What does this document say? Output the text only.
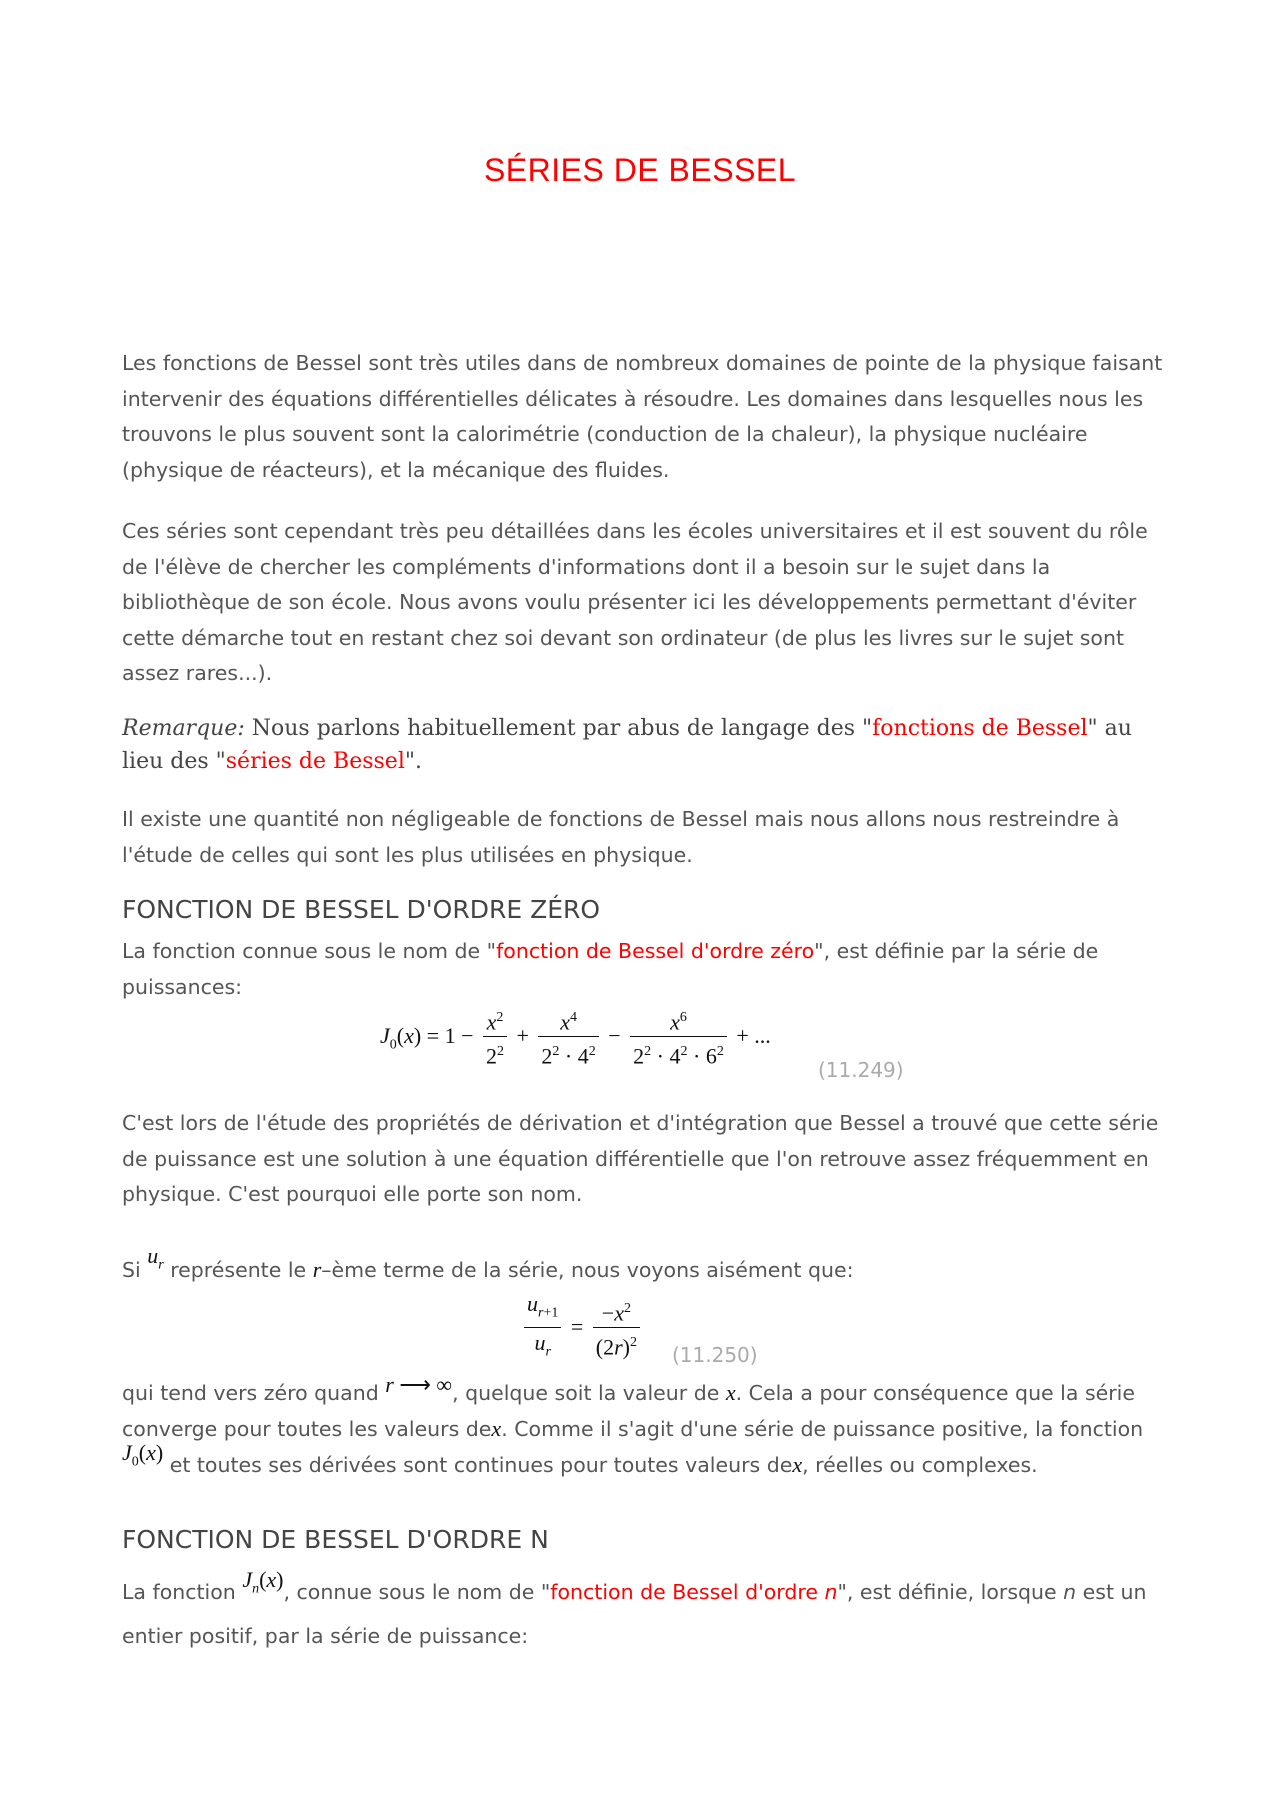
SÉRIES DE BESSEL

Les fonctions de Bessel sont très utiles dans de nombreux domaines de pointe de la physique faisant intervenir des équations différentielles délicates à résoudre. Les domaines dans lesquelles nous les trouvons le plus souvent sont la calorimétrie (conduction de la chaleur), la physique nucléaire (physique de réacteurs), et la mécanique des fluides.

Ces séries sont cependant très peu détaillées dans les écoles universitaires et il est souvent du rôle de l'élève de chercher les compléments d'informations dont il a besoin sur le sujet dans la bibliothèque de son école. Nous avons voulu présenter ici les développements permettant d'éviter cette démarche tout en restant chez soi devant son ordinateur (de plus les livres sur le sujet sont assez rares...).

Remarque: Nous parlons habituellement par abus de langage des "fonctions de Bessel" au lieu des "séries de Bessel".

Il existe une quantité non négligeable de fonctions de Bessel mais nous allons nous restreindre à l'étude de celles qui sont les plus utilisées en physique.

FONCTION DE BESSEL D'ORDRE ZÉRO

La fonction connue sous le nom de "fonction de Bessel d'ordre zéro", est définie par la série de puissances:

$J_0(x) = 1 - \frac{x^2}{2^2} + \frac{x^4}{2^2 \cdot 4^2} - \frac{x^6}{2^2 \cdot 4^2 \cdot 6^2}$ + ...
(11.249)

C'est lors de l'étude des propriétés de dérivation et d'intégration que Bessel a trouvé que cette série de puissance est une solution à une équation différentielle que l'on retrouve assez fréquemment en physique. C'est pourquoi elle porte son nom.

Si $u_r$ représente le r–ème terme de la série, nous voyons aisément que:

$\frac{u_{r+1}}{u_r} = \frac{-x^2}{(2r)^2} (11.250)$

qui tend vers zéro quand r ⟶ ∞, quelque soit la valeur de x. Cela a pour conséquence que la série converge pour toutes les valeurs dex. Comme il s'agit d'une série de puissance positive, la fonction $J_0(x)$ et toutes ses dérivées sont continues pour toutes valeurs dex, réelles ou complexes.

FONCTION DE BESSEL D'ORDRE N

La fonction $J_n(x)$, connue sous le nom de "fonction de Bessel d'ordre n", est définie, lorsque n est un entier positif, par la série de puissance:
